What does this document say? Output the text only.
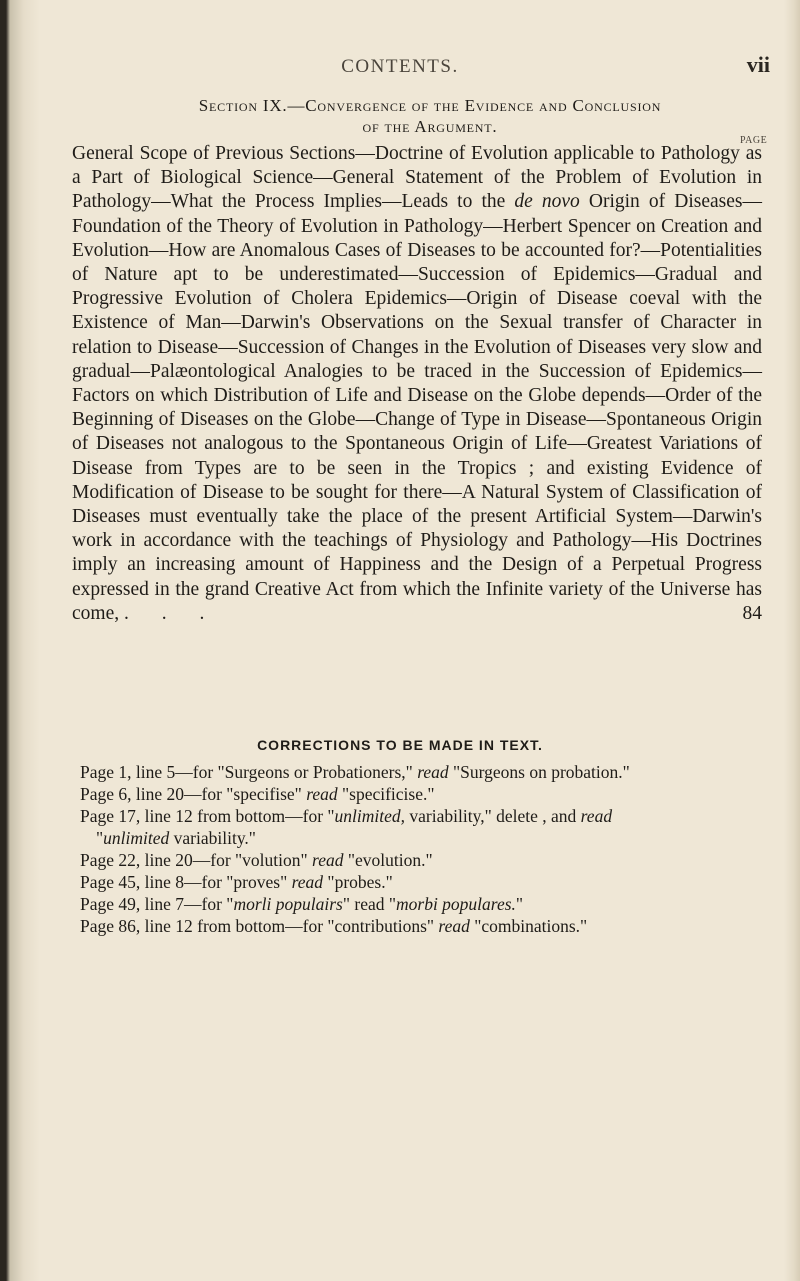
CONTENTS.	vii
Section IX.—Convergence of the Evidence and Conclusion
of the Argument.
PAGE
General Scope of Previous Sections—Doctrine of Evolution applicable to Pathology as a Part of Biological Science—General Statement of the Problem of Evolution in Pathology—What the Process Implies—Leads to the de novo Origin of Diseases—Foundation of the Theory of Evolution in Pathology—Herbert Spencer on Creation and Evolution—How are Anomalous Cases of Diseases to be accounted for?—Potentialities of Nature apt to be underestimated—Succession of Epidemics—Gradual and Progressive Evolution of Cholera Epidemics—Origin of Disease coeval with the Existence of Man—Darwin's Observations on the Sexual transfer of Character in relation to Disease—Succession of Changes in the Evolution of Diseases very slow and gradual—Palæontological Analogies to be traced in the Succession of Epidemics—Factors on which Distribution of Life and Disease on the Globe depends—Order of the Beginning of Diseases on the Globe—Change of Type in Disease—Spontaneous Origin of Diseases not analogous to the Spontaneous Origin of Life—Greatest Variations of Disease from Types are to be seen in the Tropics ; and existing Evidence of Modification of Disease to be sought for there—A Natural System of Classification of Diseases must eventually take the place of the present Artificial System—Darwin's work in accordance with the teachings of Physiology and Pathology—His Doctrines imply an increasing amount of Happiness and the Design of a Perpetual Progress expressed in the grand Creative Act from which the Infinite variety of the Universe has come, . . .	84
CORRECTIONS TO BE MADE IN TEXT.
Page 1, line 5—for "Surgeons or Probationers," read "Surgeons on probation."
Page 6, line 20—for "specifise" read "specificise."
Page 17, line 12 from bottom—for "unlimited, variability," delete , and read
"unlimited variability."
Page 22, line 20—for "volution" read "evolution."
Page 45, line 8—for "proves" read "probes."
Page 49, line 7—for "morli populairs" read "morbi populares."
Page 86, line 12 from bottom—for "contributions" read "combinations."
